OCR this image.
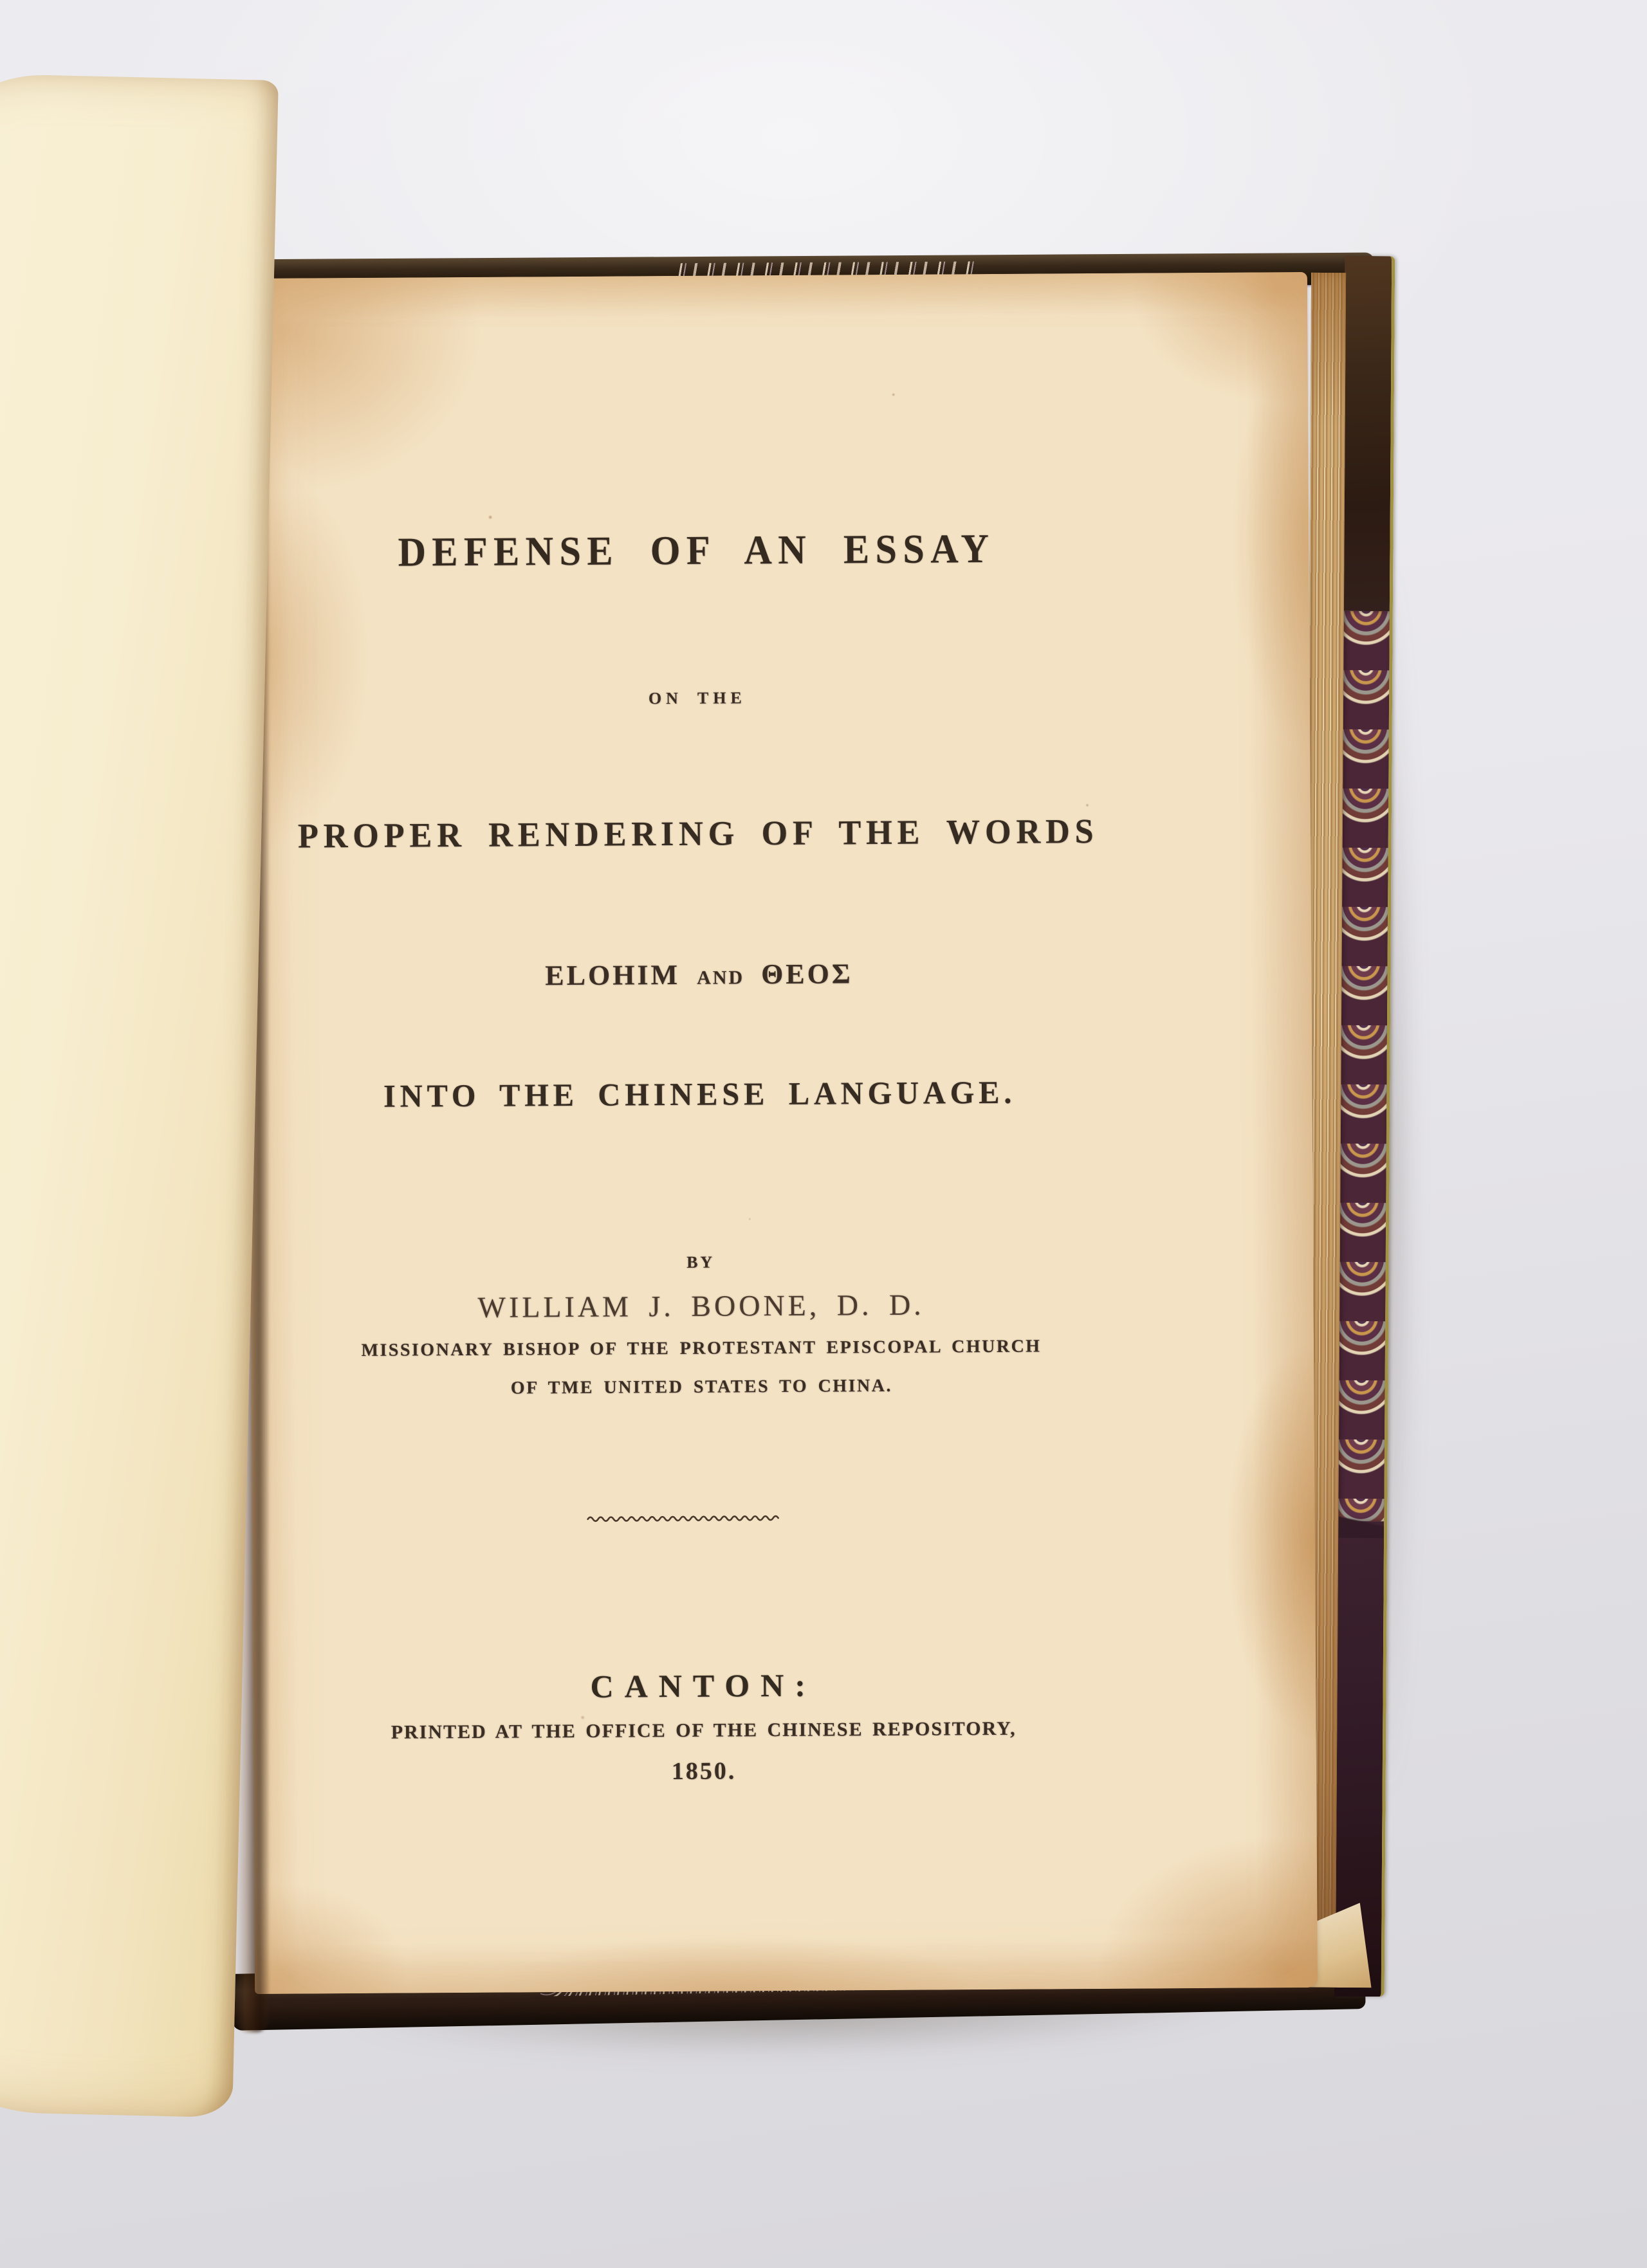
DEFENSE OF AN ESSAY
ON THE
PROPER RENDERING OF THE WORDS
ELOHIM AND ΘΕΟΣ
INTO THE CHINESE LANGUAGE.
BY
WILLIAM J. BOONE, D. D.
MISSIONARY BISHOP OF THE PROTESTANT EPISCOPAL CHURCH
OF TME UNITED STATES TO CHINA.
CANTON:
PRINTED AT THE OFFICE OF THE CHINESE REPOSITORY,
1850.
